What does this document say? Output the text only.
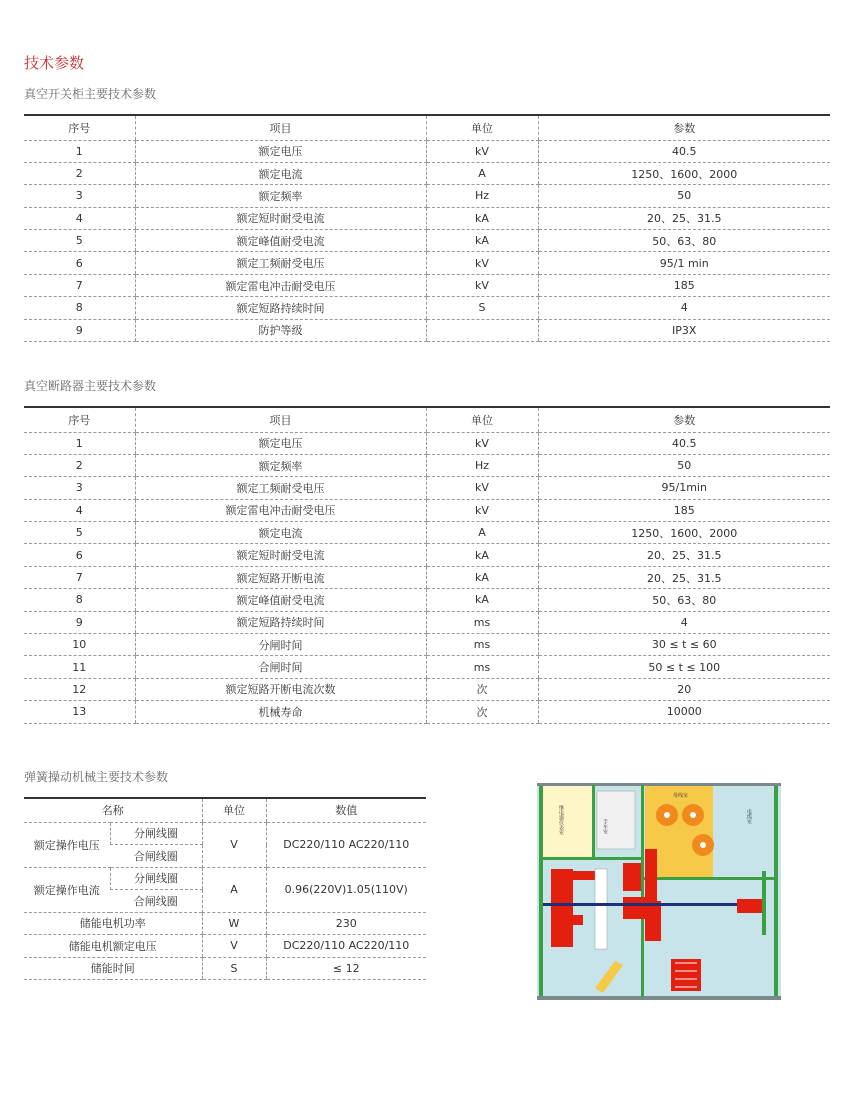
技术参数
真空开关柜主要技术参数
序号	项目	单位	参数
1	额定电压	kV	40.5
2	额定电流	A	1250、1600、2000
3	额定频率	Hz	50
4	额定短时耐受电流	kA	20、25、31.5
5	额定峰值耐受电流	kA	50、63、80
6	额定工频耐受电压	kV	95/1 min
7	额定雷电冲击耐受电压	kV	185
8	额定短路持续时间	S	4
9	防护等级		IP3X
真空断路器主要技术参数
序号	项目	单位	参数
1	额定电压	kV	40.5
2	额定频率	Hz	50
3	额定工频耐受电压	kV	95/1min
4	额定雷电冲击耐受电压	kV	185
5	额定电流	A	1250、1600、2000
6	额定短时耐受电流	kA	20、25、31.5
7	额定短路开断电流	kA	20、25、31.5
8	额定峰值耐受电流	kA	50、63、80
9	额定短路持续时间	ms	4
10	分闸时间	ms	30 ≤ t ≤ 60
11	合闸时间	ms	50 ≤ t ≤ 100
12	额定短路开断电流次数	次	20
13	机械寿命	次	10000
弹簧操动机械主要技术参数
名称		单位	数值
额定操作电压	分闸线圈	V	DC220/110 AC220/110
	合闸线圈		
额定操作电流	分闸线圈	A	0.96(220V)1.05(110V)
	合闸线圈		
储能电机功率		W	230
储能电机额定电压		V	DC220/110 AC220/110
储能时间		S	≤ 12
继电器仪表室	手车室
母线室
电缆室
